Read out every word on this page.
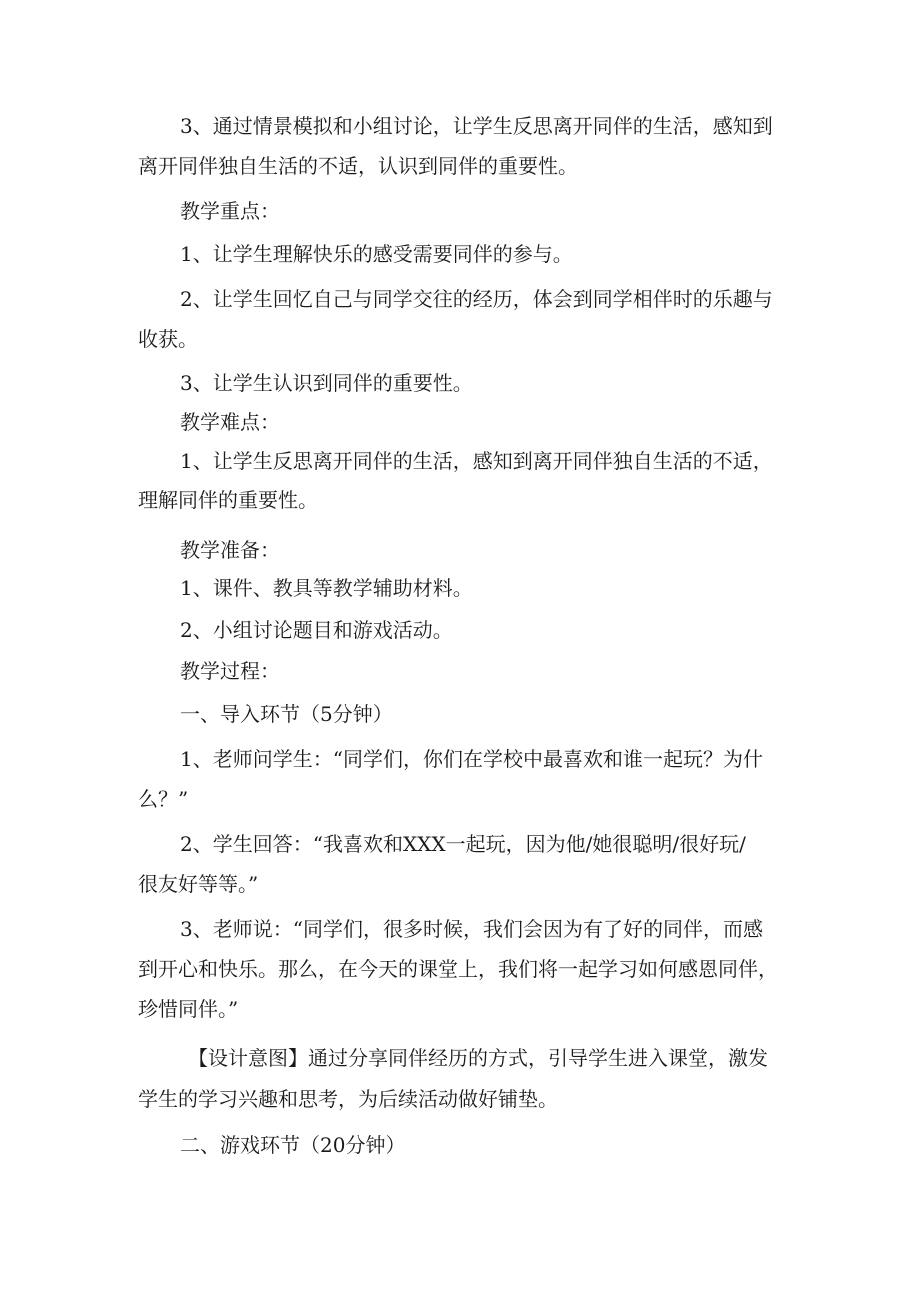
3、通过情景模拟和小组讨论，让学生反思离开同伴的生活，感知到
离开同伴独自生活的不适，认识到同伴的重要性。
教学重点：
1、让学生理解快乐的感受需要同伴的参与。
2、让学生回忆自己与同学交往的经历，体会到同学相伴时的乐趣与
收获。
3、让学生认识到同伴的重要性。
教学难点：
1、让学生反思离开同伴的生活，感知到离开同伴独自生活的不适，
理解同伴的重要性。
教学准备：
1、课件、教具等教学辅助材料。
2、小组讨论题目和游戏活动。
教学过程：
一、导入环节（5分钟）
1、老师问学生：“同学们，你们在学校中最喜欢和谁一起玩？为什
么？”
2、学生回答：“我喜欢和XXX一起玩，因为他/她很聪明/很好玩/
很友好等等。”
3、老师说：“同学们，很多时候，我们会因为有了好的同伴，而感
到开心和快乐。那么，在今天的课堂上，我们将一起学习如何感恩同伴，
珍惜同伴。”
【设计意图】通过分享同伴经历的方式，引导学生进入课堂，激发
学生的学习兴趣和思考，为后续活动做好铺垫。
二、游戏环节（20分钟）
